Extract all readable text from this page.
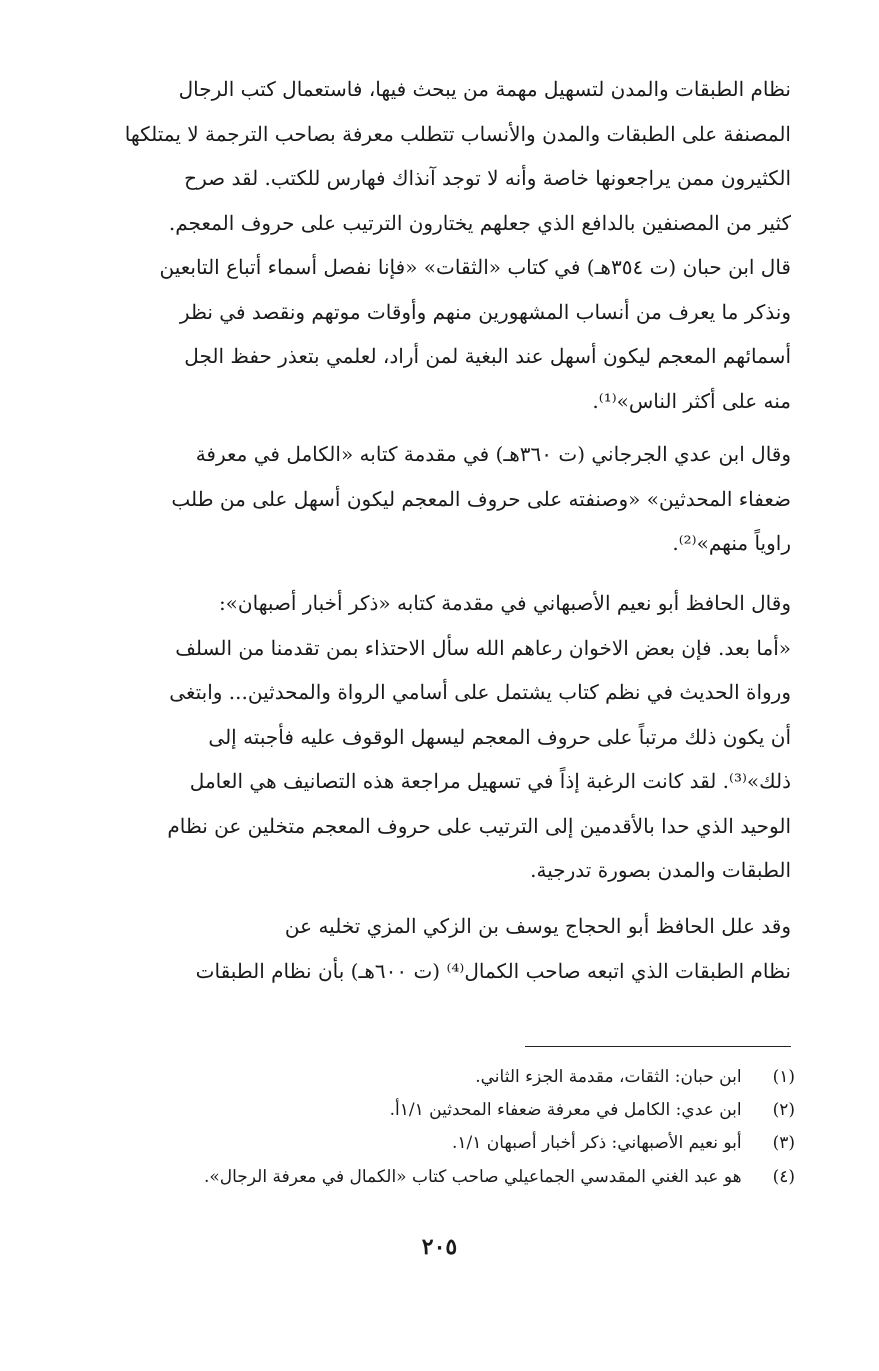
نظام الطبقات والمدن لتسهيل مهمة من يبحث فيها، فاستعمال كتب الرجال
المصنفة على الطبقات والمدن والأنساب تتطلب معرفة بصاحب الترجمة لا يمتلكها
الكثيرون ممن يراجعونها خاصة وأنه لا توجد آنذاك فهارس للكتب. لقد صرح
كثير من المصنفين بالدافع الذي جعلهم يختارون الترتيب على حروف المعجم.
قال ابن حبان (ت ٣٥٤هـ) في كتاب «الثقات» «فإنا نفصل أسماء أتباع التابعين
ونذكر ما يعرف من أنساب المشهورين منهم وأوقات موتهم ونقصد في نظر
أسمائهم المعجم ليكون أسهل عند البغية لمن أراد، لعلمي بتعذر حفظ الجل
منه على أكثر الناس»⁽¹⁾.
وقال ابن عدي الجرجاني (ت ٣٦٠هـ) في مقدمة كتابه «الكامل في معرفة
ضعفاء المحدثين» «وصنفته على حروف المعجم ليكون أسهل على من طلب
راوياً منهم»⁽²⁾.
وقال الحافظ أبو نعيم الأصبهاني في مقدمة كتابه «ذكر أخبار أصبهان»:
«أما بعد. فإن بعض الاخوان رعاهم الله سأل الاحتذاء بمن تقدمنا من السلف
ورواة الحديث في نظم كتاب يشتمل على أسامي الرواة والمحدثين... وابتغى
أن يكون ذلك مرتباً على حروف المعجم ليسهل الوقوف عليه فأجبته إلى
ذلك»⁽³⁾. لقد كانت الرغبة إذاً في تسهيل مراجعة هذه التصانيف هي العامل
الوحيد الذي حدا بالأقدمين إلى الترتيب على حروف المعجم متخلين عن نظام
الطبقات والمدن بصورة تدرجية.
وقد علل الحافظ أبو الحجاج يوسف بن الزكي المزي تخليه عن
نظام الطبقات الذي اتبعه صاحب الكمال⁽⁴⁾ (ت ٦٠٠هـ) بأن نظام الطبقات
(١) ابن حبان: الثقات، مقدمة الجزء الثاني.
(٢) ابن عدي: الكامل في معرفة ضعفاء المحدثين ١/١أ.
(٣) أبو نعيم الأصبهاني: ذكر أخبار أصبهان ١/١.
(٤) هو عبد الغني المقدسي الجماعيلي صاحب كتاب «الكمال في معرفة الرجال».
٢٠٥
